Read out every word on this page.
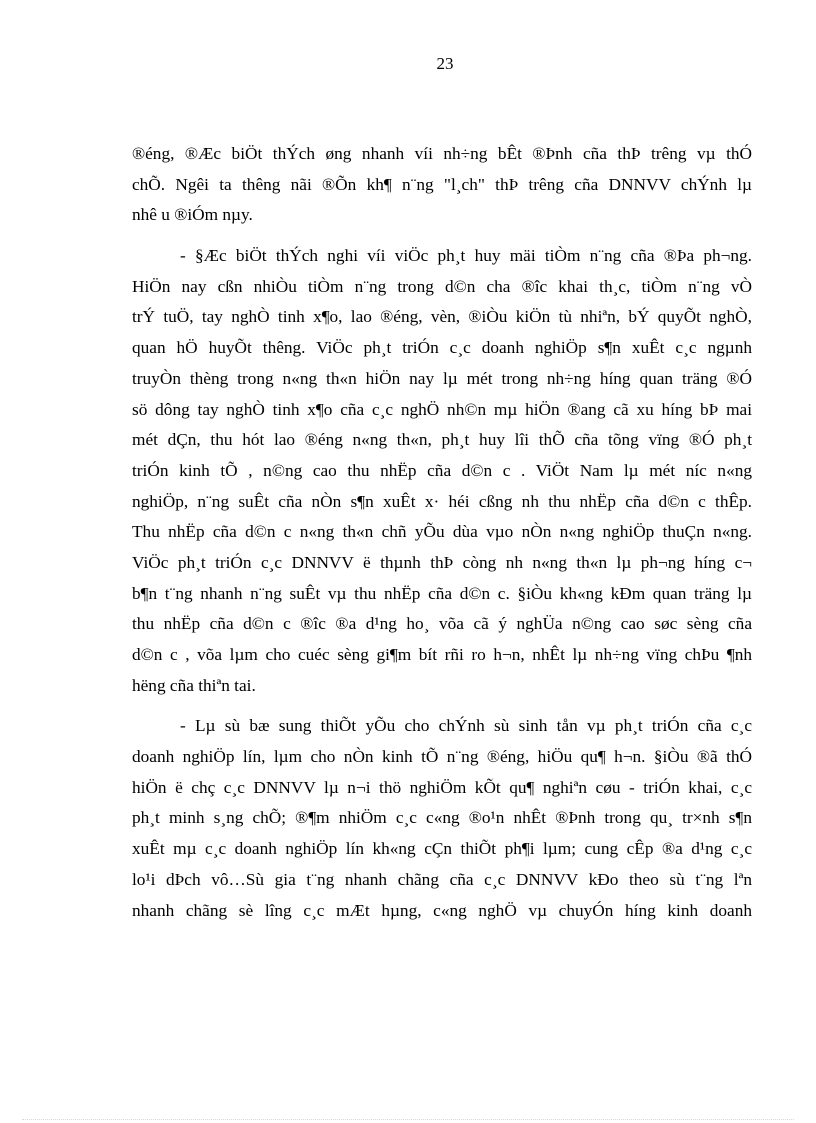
23
®éng, ®Æc biÖt thÝch øng nhanh víi nh÷ng bÊt ®Þnh cña thÞ trêng vµ thÓ
chÕ. Ngêi ta thêng nãi ®Õn kh¶ n¨ng "l¸ch" thÞ trêng cña DNNVV chÝnh lµ
nhê u ®iÓm nµy.
- §Æc biÖt thÝch nghi víi viÖc ph¸t huy mäi tiÒm n¨ng cña ®Þa ph¬ng.
HiÖn nay cßn nhiÒu tiÒm n¨ng trong d©n cha ®îc khai th¸c, tiÒm n¨ng vÒ
trÝ tuÖ, tay nghÒ tinh x¶o, lao ®éng, vèn, ®iÒu kiÖn tù nhiªn, bÝ quyÕt nghÒ,
quan hÖ huyÕt thêng. ViÖc ph¸t triÓn c¸c doanh nghiÖp s¶n xuÊt c¸c ngµnh
truyÒn thèng trong n«ng th«n hiÖn nay lµ mét trong nh÷ng híng quan träng ®Ó
sö dông tay nghÒ tinh x¶o cña c¸c nghÖ nh©n mµ hiÖn ®ang cã xu híng bÞ mai
mét dÇn, thu hót lao ®éng n«ng th«n, ph¸t huy lîi thÕ cña tõng vïng ®Ó ph¸t
triÓn kinh tÕ , n©ng cao thu nhËp cña d©n c . ViÖt Nam lµ mét níc n«ng
nghiÖp, n¨ng suÊt cña nÒn s¶n xuÊt x· héi cßng nh thu nhËp cña d©n c thÊp.
Thu nhËp cña d©n c n«ng th«n chñ yÕu dùa vµo nÒn n«ng nghiÖp thuÇn n«ng.
ViÖc ph¸t triÓn c¸c DNNVV ë thµnh thÞ còng nh n«ng th«n lµ ph¬ng híng c¬
b¶n t¨ng nhanh n¨ng suÊt vµ thu nhËp cña d©n c. §iÒu kh«ng kÐm quan träng lµ
thu nhËp cña d©n c ®îc ®a d¹ng ho¸ võa cã ý nghÜa n©ng cao søc sèng cña
d©n c , võa lµm cho cuéc sèng gi¶m bít rñi ro h¬n, nhÊt lµ nh÷ng vïng chÞu ¶nh
hëng cña thiªn tai.
- Lµ sù bæ sung thiÕt yÕu cho chÝnh sù sinh tån vµ ph¸t triÓn cña c¸c
doanh nghiÖp lín, lµm cho nÒn kinh tÕ n¨ng ®éng, hiÖu qu¶ h¬n. §iÒu ®ã thÓ
hiÖn ë chç c¸c DNNVV lµ n¬i thö nghiÖm kÕt qu¶ nghiªn cøu - triÓn khai, c¸c
ph¸t minh s¸ng chÕ; ®¶m nhiÖm c¸c c«ng ®o¹n nhÊt ®Þnh trong qu¸ tr×nh s¶n
xuÊt mµ c¸c doanh nghiÖp lín kh«ng cÇn thiÕt ph¶i lµm; cung cÊp ®a d¹ng c¸c
lo¹i dÞch vô…Sù gia t¨ng nhanh chãng cña c¸c DNNVV kÐo theo sù t¨ng lªn
nhanh chãng sè lîng c¸c mÆt hµng, c«ng nghÖ vµ chuyÓn híng kinh doanh
